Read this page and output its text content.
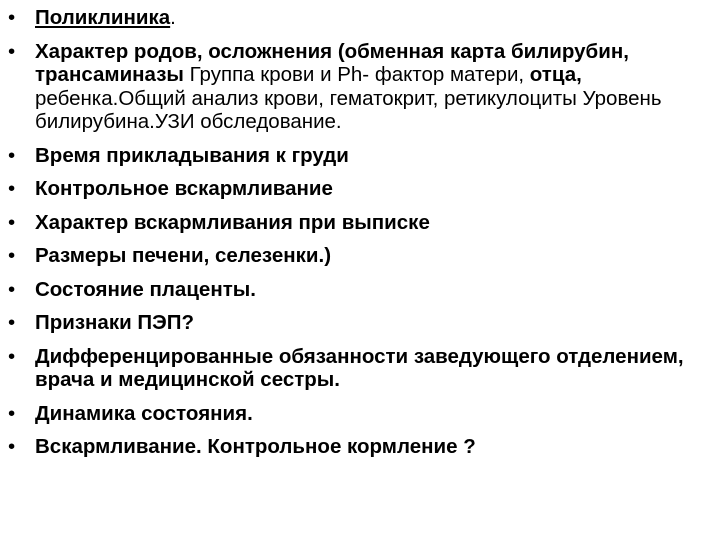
• Поликлиника.
• Характер родов, осложнения (обменная карта билирубин, трансаминазы Группа крови и Ph- фактор матери, отца, ребенка.Общий анализ крови, гематокрит, ретикулоциты Уровень билирубина.УЗИ обследование.
• Время прикладывания к груди
• Контрольное вскармливание
• Характер вскармливания при выписке
• Размеры печени, селезенки.)
• Состояние плаценты.
• Признаки ПЭП?
• Дифференцированные обязанности заведующего отделением, врача и медицинской сестры.
• Динамика состояния.
• Вскармливание. Контрольное кормление ?
